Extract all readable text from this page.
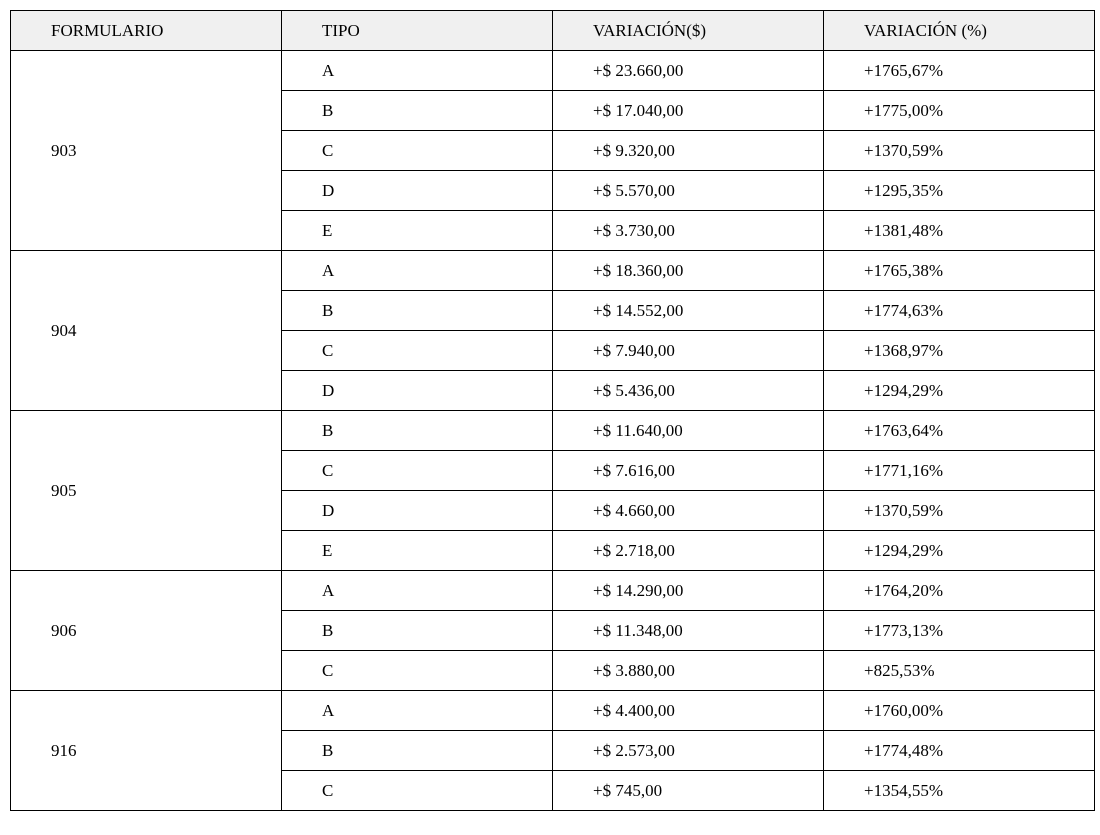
FORMULARIO	TIPO	VARIACIÓN($)	VARIACIÓN (%)
903	A	+$ 23.660,00	+1765,67%
	B	+$ 17.040,00	+1775,00%
	C	+$ 9.320,00	+1370,59%
	D	+$ 5.570,00	+1295,35%
	E	+$ 3.730,00	+1381,48%
904	A	+$ 18.360,00	+1765,38%
	B	+$ 14.552,00	+1774,63%
	C	+$ 7.940,00	+1368,97%
	D	+$ 5.436,00	+1294,29%
905	B	+$ 11.640,00	+1763,64%
	C	+$ 7.616,00	+1771,16%
	D	+$ 4.660,00	+1370,59%
	E	+$ 2.718,00	+1294,29%
906	A	+$ 14.290,00	+1764,20%
	B	+$ 11.348,00	+1773,13%
	C	+$ 3.880,00	+825,53%
916	A	+$ 4.400,00	+1760,00%
	B	+$ 2.573,00	+1774,48%
	C	+$ 745,00	+1354,55%
